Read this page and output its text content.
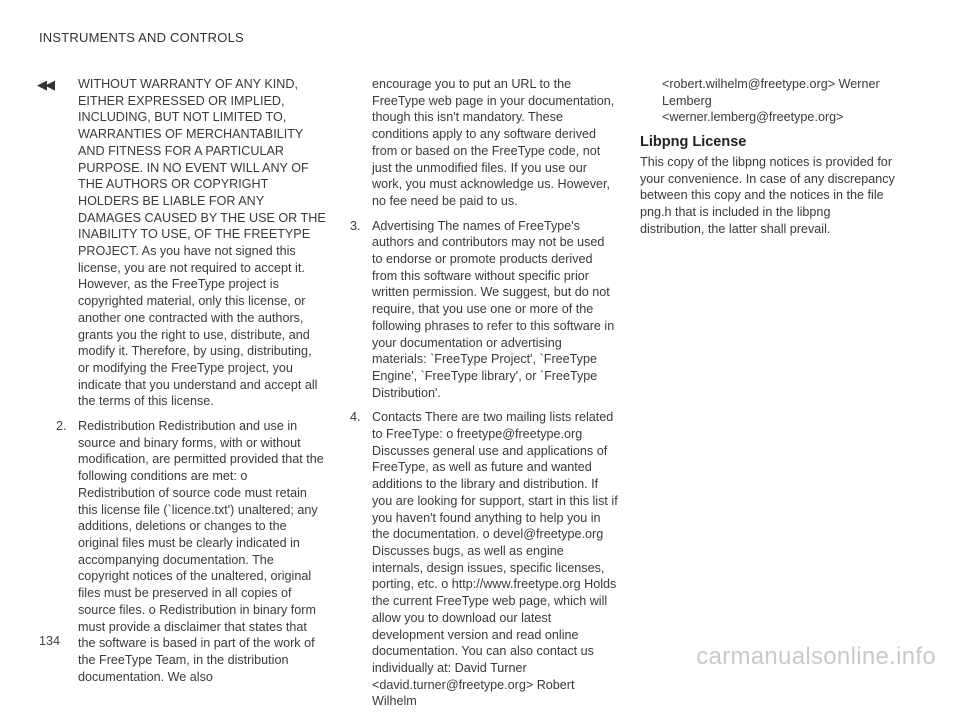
INSTRUMENTS AND CONTROLS
◀◀ WITHOUT WARRANTY OF ANY KIND, EITHER EXPRESSED OR IMPLIED, INCLUDING, BUT NOT LIMITED TO, WARRANTIES OF MERCHANTABILITY AND FITNESS FOR A PARTICULAR PURPOSE. IN NO EVENT WILL ANY OF THE AUTHORS OR COPYRIGHT HOLDERS BE LIABLE FOR ANY DAMAGES CAUSED BY THE USE OR THE INABILITY TO USE, OF THE FREETYPE PROJECT. As you have not signed this license, you are not required to accept it. However, as the FreeType project is copyrighted material, only this license, or another one contracted with the authors, grants you the right to use, distribute, and modify it. Therefore, by using, distributing, or modifying the FreeType project, you indicate that you understand and accept all the terms of this license.

2. Redistribution Redistribution and use in source and binary forms, with or without modification, are permitted provided that the following conditions are met: o Redistribution of source code must retain this license file (`licence.txt') unaltered; any additions, deletions or changes to the original files must be clearly indicated in accompanying documentation. The copyright notices of the unaltered, original files must be preserved in all copies of source files. o Redistribution in binary form must provide a disclaimer that states that the software is based in part of the work of the FreeType Team, in the distribution documentation. We also

encourage you to put an URL to the FreeType web page in your documentation, though this isn't mandatory. These conditions apply to any software derived from or based on the FreeType code, not just the unmodified files. If you use our work, you must acknowledge us. However, no fee need be paid to us.

3. Advertising The names of FreeType's authors and contributors may not be used to endorse or promote products derived from this software without specific prior written permission. We suggest, but do not require, that you use one or more of the following phrases to refer to this software in your documentation or advertising materials: `FreeType Project', `FreeType Engine', `FreeType library', or `FreeType Distribution'.
4. Contacts There are two mailing lists related to FreeType: o freetype@freetype.org Discusses general use and applications of FreeType, as well as future and wanted additions to the library and distribution. If you are looking for support, start in this list if you haven't found anything to help you in the documentation. o devel@freetype.org Discusses bugs, as well as engine internals, design issues, specific licenses, porting, etc. o http://www.freetype.org Holds the current FreeType web page, which will allow you to download our latest development version and read online documentation. You can also contact us individually at: David Turner <david.turner@freetype.org> Robert Wilhelm

<robert.wilhelm@freetype.org> Werner Lemberg <werner.lemberg@freetype.org>

Libpng License

This copy of the libpng notices is provided for your convenience. In case of any discrepancy between this copy and the notices in the file png.h that is included in the libpng distribution, the latter shall prevail.

134
carmanualsonline.info
